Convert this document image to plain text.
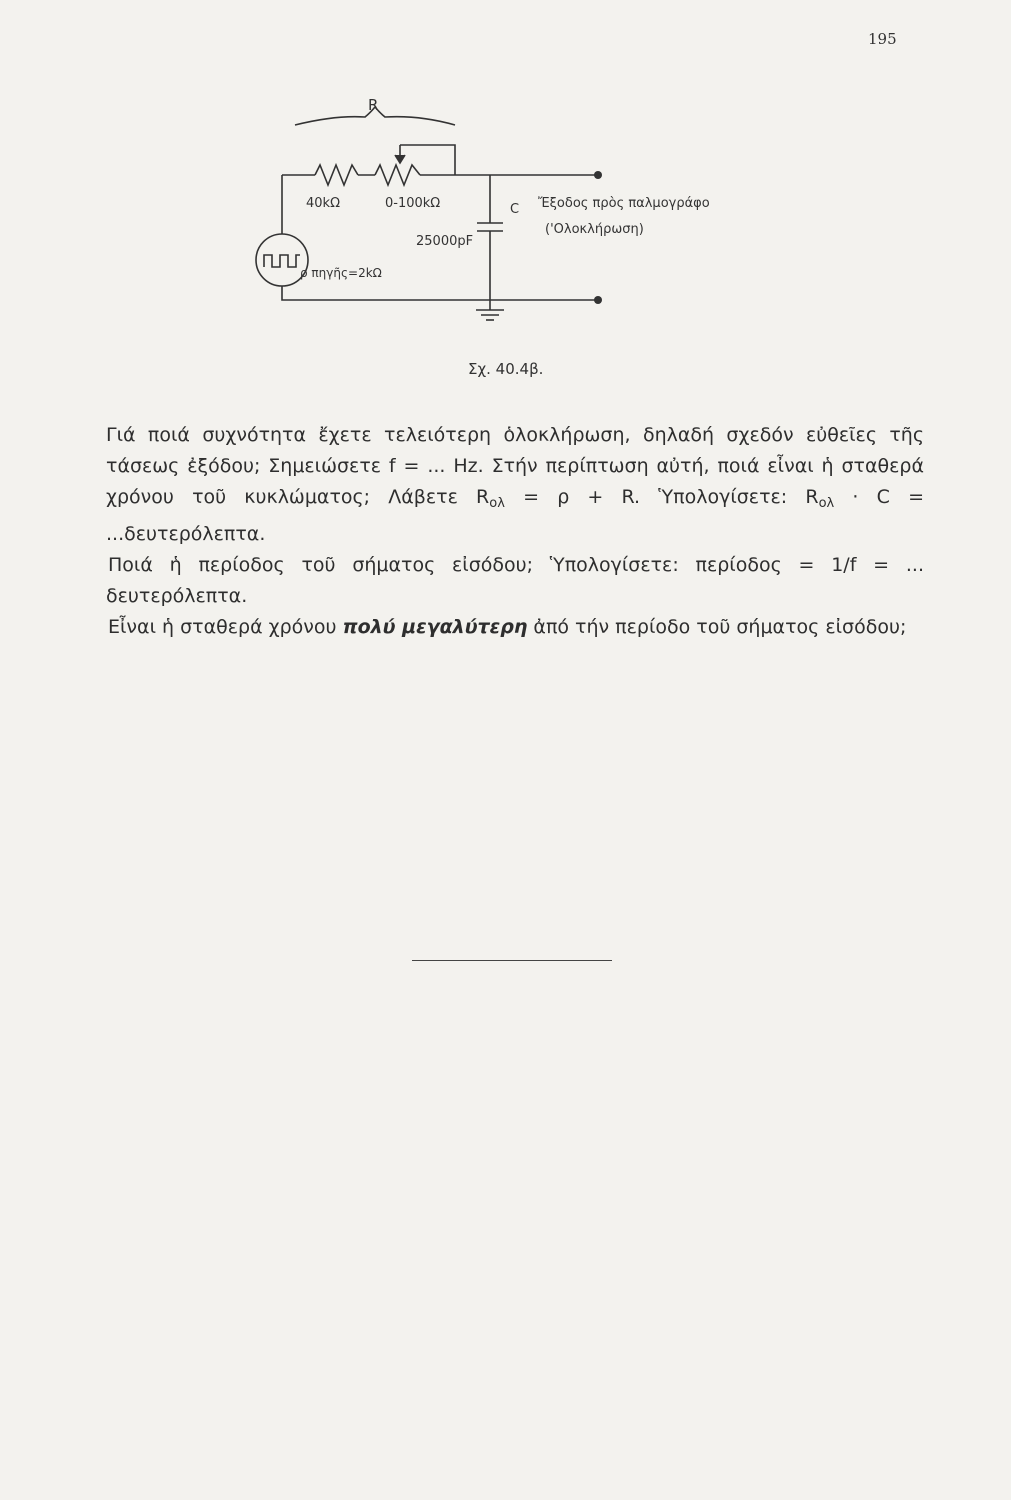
195
R
40kΩ	0-100kΩ	C
25000pF
ρ πηγῆς=2kΩ
Ἔξοδος πρὸς παλμογράφο
('Ολοκλήρωση)
Σχ. 40.4β.

Γιά ποιά συχνότητα ἔχετε τελειότερη ὁλοκλήρωση, δηλαδή σχεδόν εὐθεῖες τῆς τάσεως ἐξόδου; Σημειώσετε f = ... Hz. Στήν περίπτωση αὐτή, ποιά εἶναι ἡ σταθερά χρόνου τοῦ κυκλώματος; Λάβετε $R_{o\lambda} = \rho + R$. Ὑπολογίσετε: $R_{o\lambda} \cdot C = ...\delta\varepsilon\upsilon\tau\varepsilon\rho ό\lambda\varepsilon\pi\tau\alpha$.

Ποιά ἡ περίοδος τοῦ σήματος εἰσόδου; Ὑπολογίσετε: περίοδος = 1/f = ... δευτερόλεπτα.

Εἶναι ἡ σταθερά χρόνου πολύ μεγαλύτερη ἀπό τήν περίοδο τοῦ σήματος εἰσόδου;
